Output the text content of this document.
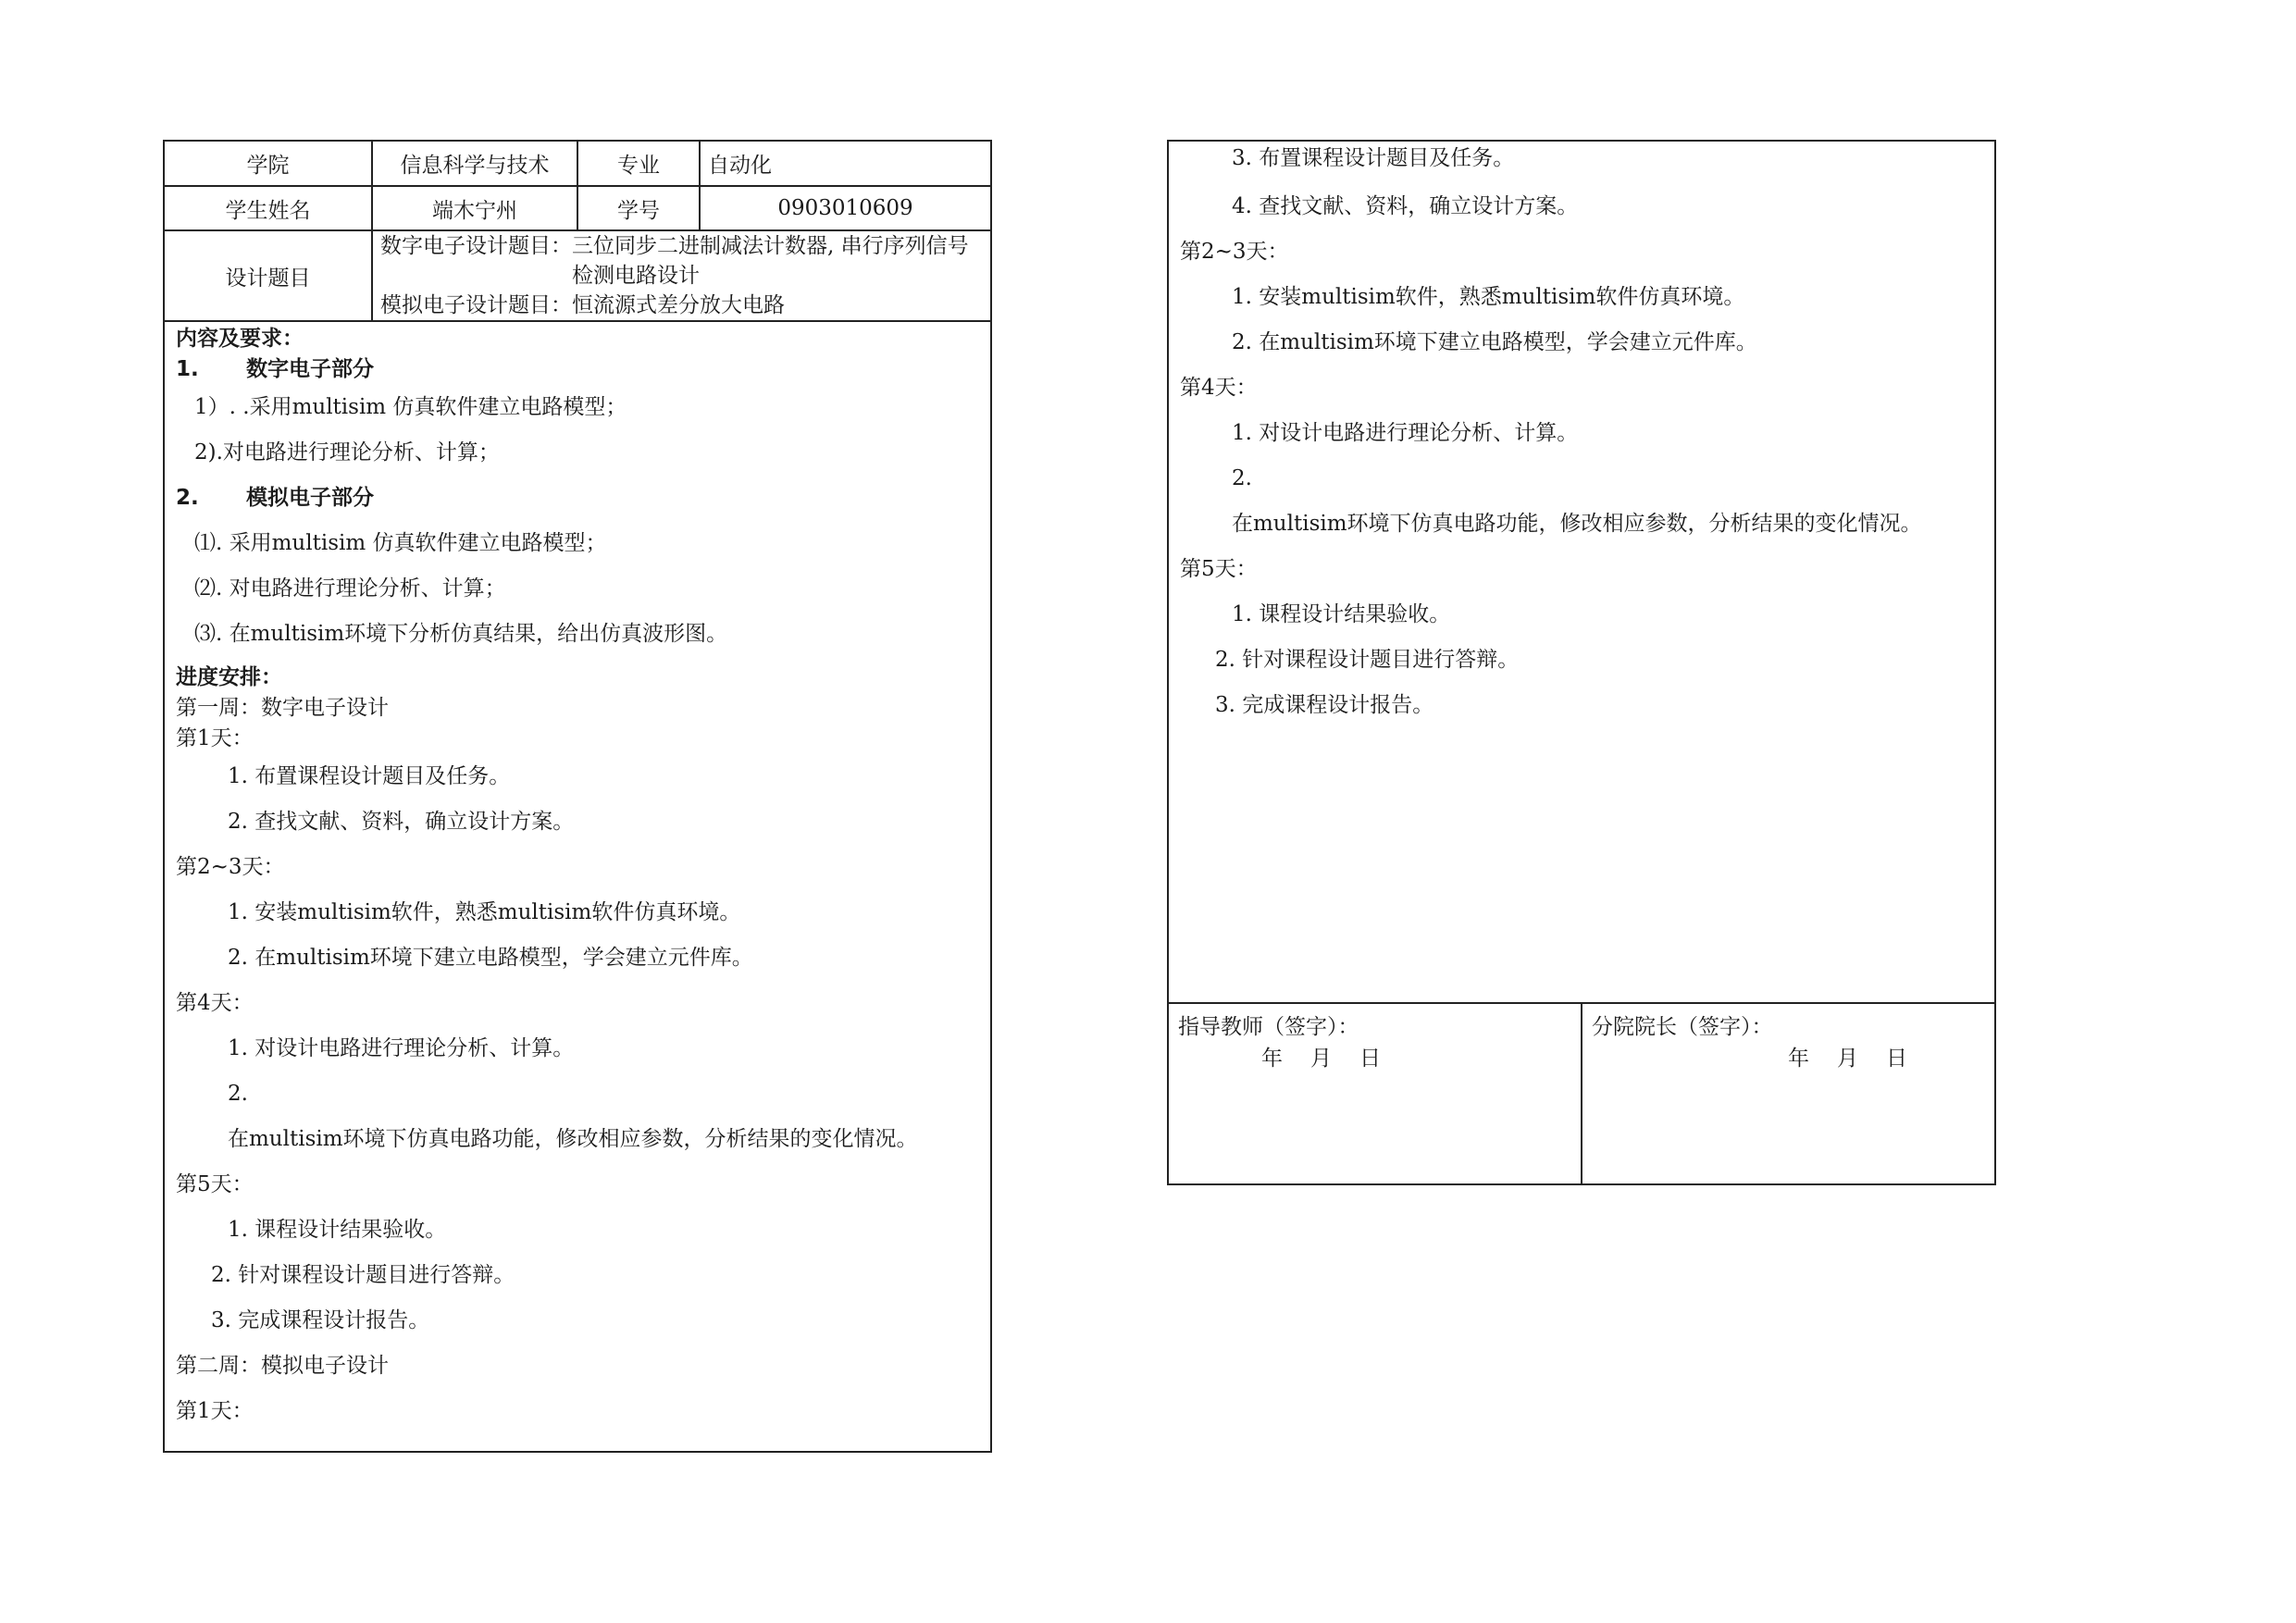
学院	信息科学与技术	专业	自动化
学生姓名	端木宁州	学号	0903010609
设计题目	数字电子设计题目： 三位同步二进制减法计数器, 串行序列信号检测电路设计
模拟电子设计题目： 恒流源式差分放大电路		
内容及要求：
1. 数字电子部分
1）. .采用multisim 仿真软件建立电路模型；
2).对电路进行理论分析、计算；
2. 模拟电子部分
⑴. 采用multisim 仿真软件建立电路模型；
⑵. 对电路进行理论分析、计算；
⑶. 在multisim环境下分析仿真结果，给出仿真波形图。
进度安排：
第一周：数字电子设计
第1天：
1. 布置课程设计题目及任务。
2. 查找文献、资料，确立设计方案。
第2~3天：
1. 安装multisim软件，熟悉multisim软件仿真环境。
2. 在multisim环境下建立电路模型，学会建立元件库。
第4天：
1. 对设计电路进行理论分析、计算。
2.
在multisim环境下仿真电路功能，修改相应参数，分析结果的变化情况。
第5天：
1. 课程设计结果验收。
2. 针对课程设计题目进行答辩。
3. 完成课程设计报告。
第二周：模拟电子设计
第1天：
3. 布置课程设计题目及任务。
4. 查找文献、资料，确立设计方案。
第2~3天：
1. 安装multisim软件，熟悉multisim软件仿真环境。
2. 在multisim环境下建立电路模型，学会建立元件库。
第4天：
1. 对设计电路进行理论分析、计算。
2.
在multisim环境下仿真电路功能，修改相应参数，分析结果的变化情况。
第5天：
1. 课程设计结果验收。
2. 针对课程设计题目进行答辩。
3. 完成课程设计报告。
指导教师（签字）：
年 月 日
分院院长（签字）：
年 月 日
